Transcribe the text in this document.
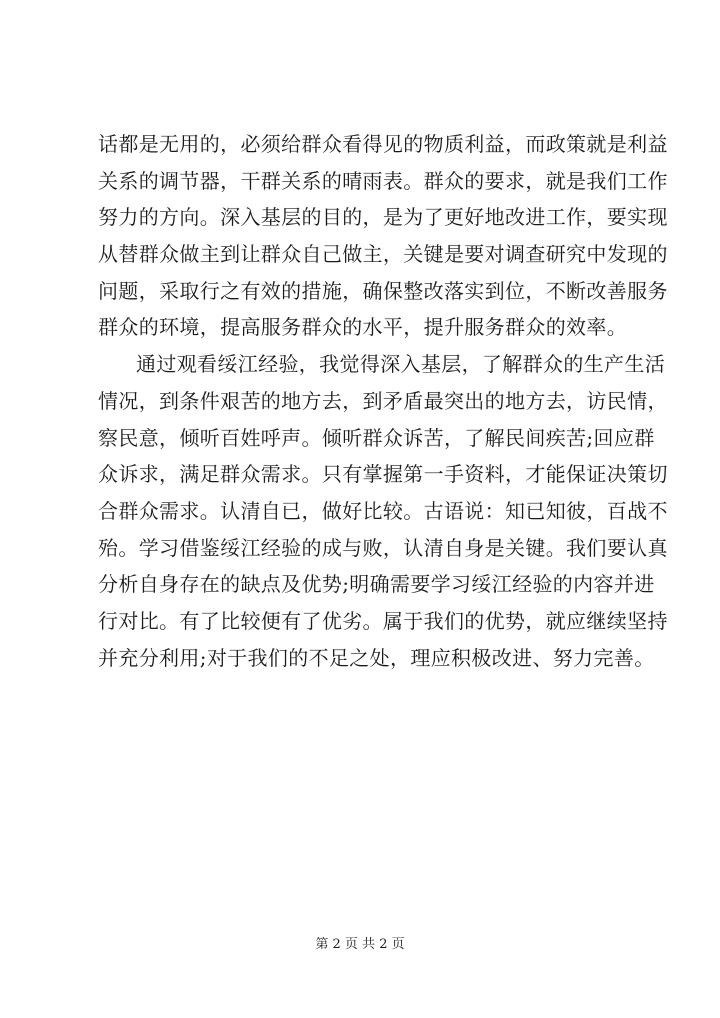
话都是无用的，必须给群众看得见的物质利益，而政策就是利益
关系的调节器，干群关系的晴雨表。群众的要求，就是我们工作
努力的方向。深入基层的目的，是为了更好地改进工作，要实现
从替群众做主到让群众自己做主，关键是要对调查研究中发现的
问题，采取行之有效的措施，确保整改落实到位，不断改善服务
群众的环境，提高服务群众的水平，提升服务群众的效率。
通过观看绥江经验，我觉得深入基层，了解群众的生产生活
情况，到条件艰苦的地方去，到矛盾最突出的地方去，访民情，
察民意，倾听百姓呼声。倾听群众诉苦，了解民间疾苦;回应群
众诉求，满足群众需求。只有掌握第一手资料，才能保证决策切
合群众需求。认清自已，做好比较。古语说：知已知彼，百战不
殆。学习借鉴绥江经验的成与败，认清自身是关键。我们要认真
分析自身存在的缺点及优势;明确需要学习绥江经验的内容并进
行对比。有了比较便有了优劣。属于我们的优势，就应继续坚持
并充分利用;对于我们的不足之处，理应积极改进、努力完善。
第 2 页 共 2 页
